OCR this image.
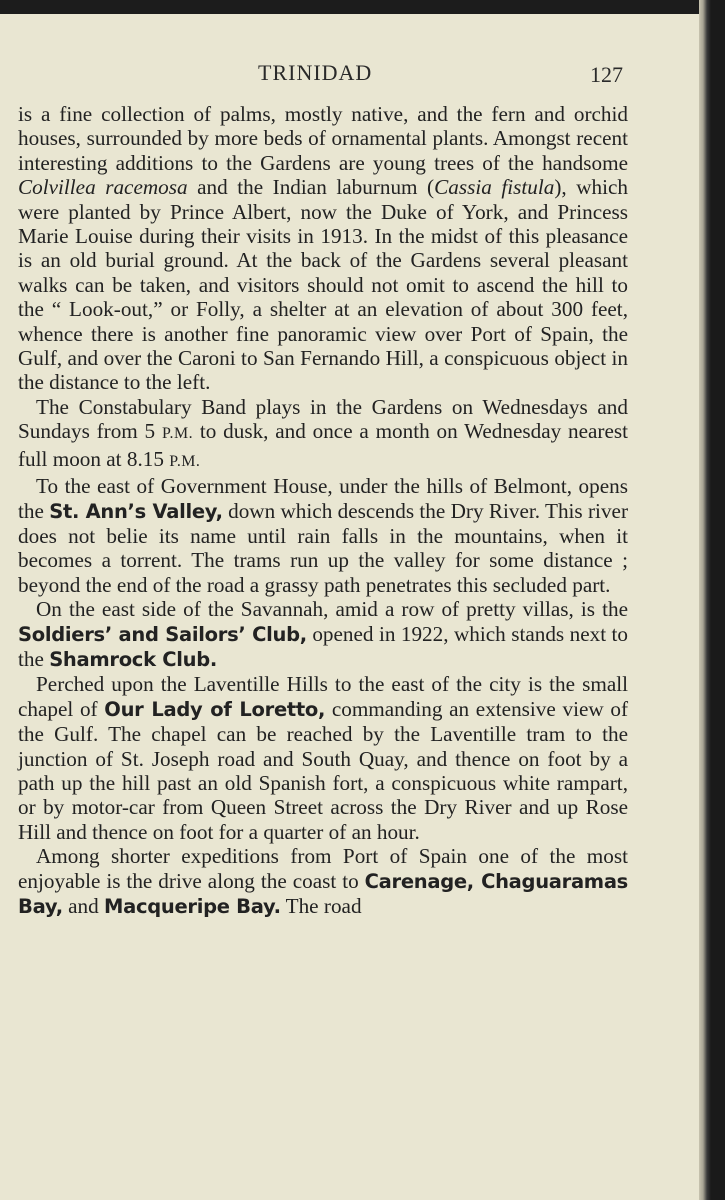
TRINIDAD	127

is a fine collection of palms, mostly native, and the fern and orchid houses, surrounded by more beds of ornamental plants. Amongst recent interesting additions to the Gardens are young trees of the handsome Colvillea racemosa and the Indian laburnum (Cassia fistula), which were planted by Prince Albert, now the Duke of York, and Princess Marie Louise during their visits in 1913. In the midst of this pleasance is an old burial ground. At the back of the Gardens several pleasant walks can be taken, and visitors should not omit to ascend the hill to the “ Look-out,” or Folly, a shelter at an elevation of about 300 feet, whence there is another fine panoramic view over Port of Spain, the Gulf, and over the Caroni to San Fernando Hill, a conspicuous object in the distance to the left.

The Constabulary Band plays in the Gardens on Wednesdays and Sundays from 5 P.M. to dusk, and once a month on Wednesday nearest full moon at 8.15 P.M.

To the east of Government House, under the hills of Belmont, opens the St. Ann’s Valley, down which descends the Dry River. This river does not belie its name until rain falls in the mountains, when it becomes a torrent. The trams run up the valley for some distance ; beyond the end of the road a grassy path penetrates this secluded part.

On the east side of the Savannah, amid a row of pretty villas, is the Soldiers’ and Sailors’ Club, opened in 1922, which stands next to the Shamrock Club.

Perched upon the Laventille Hills to the east of the city is the small chapel of Our Lady of Loretto, commanding an extensive view of the Gulf. The chapel can be reached by the Laventille tram to the junction of St. Joseph road and South Quay, and thence on foot by a path up the hill past an old Spanish fort, a conspicuous white rampart, or by motor-car from Queen Street across the Dry River and up Rose Hill and thence on foot for a quarter of an hour.

Among shorter expeditions from Port of Spain one of the most enjoyable is the drive along the coast to Carenage, Chaguaramas Bay, and Macqueripe Bay. The road
